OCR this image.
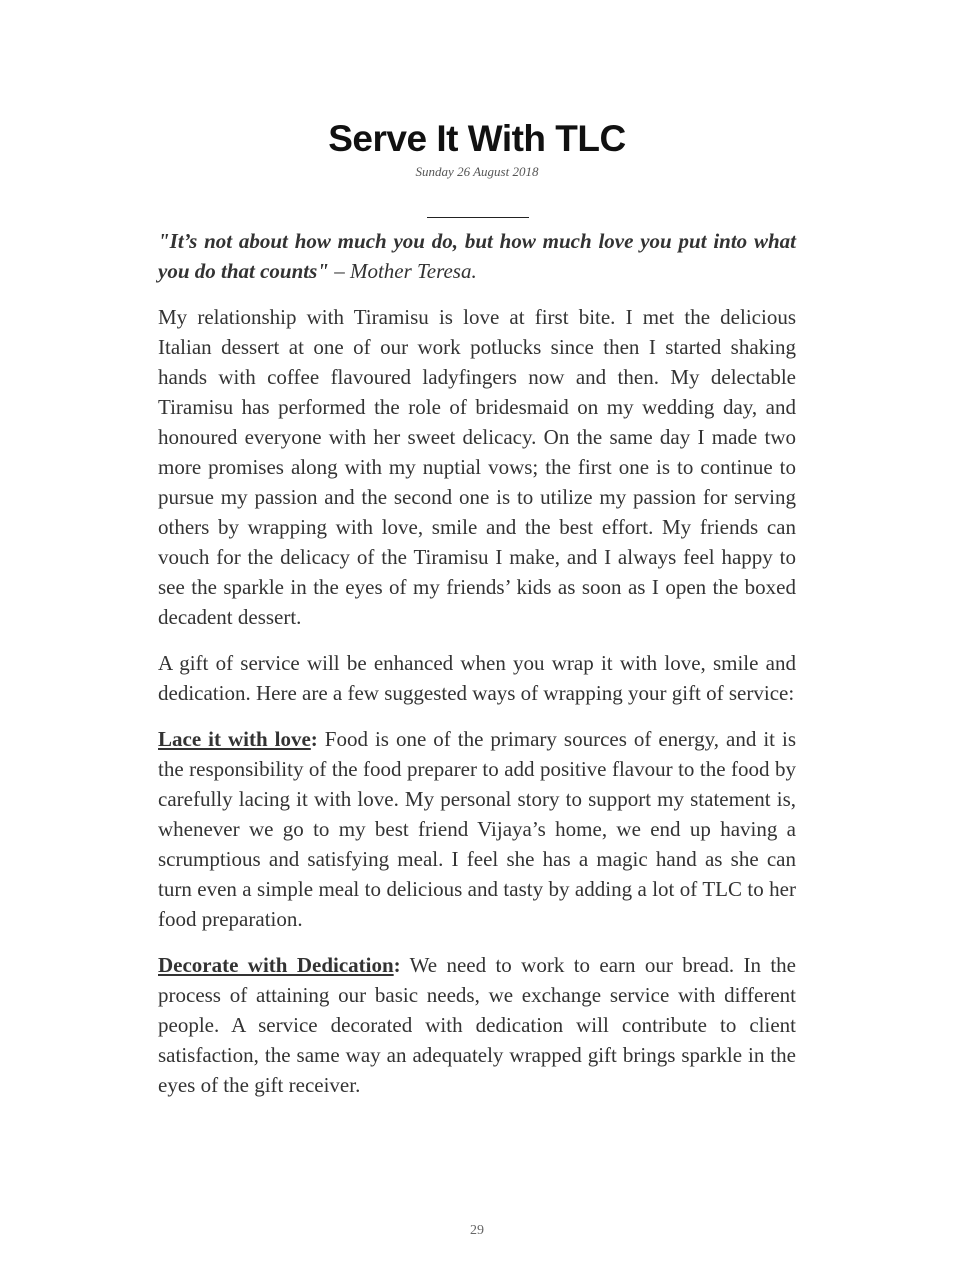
Serve It With TLC
Sunday 26 August 2018

"It’s not about how much you do, but how much love you put into what you do that counts" – Mother Teresa.

My relationship with Tiramisu is love at first bite. I met the delicious Italian dessert at one of our work potlucks since then I started shaking hands with coffee flavoured ladyfingers now and then. My delectable Tiramisu has performed the role of bridesmaid on my wedding day, and honoured everyone with her sweet delicacy. On the same day I made two more promises along with my nuptial vows; the first one is to continue to pursue my passion and the second one is to utilize my passion for serving others by wrapping with love, smile and the best effort. My friends can vouch for the delicacy of the Tiramisu I make, and I always feel happy to see the sparkle in the eyes of my friends’ kids as soon as I open the boxed decadent dessert.

A gift of service will be enhanced when you wrap it with love, smile and dedication. Here are a few suggested ways of wrapping your gift of service:

Lace it with love: Food is one of the primary sources of energy, and it is the responsibility of the food preparer to add positive flavour to the food by carefully lacing it with love. My personal story to support my statement is, whenever we go to my best friend Vijaya’s home, we end up having a scrumptious and satisfying meal. I feel she has a magic hand as she can turn even a simple meal to delicious and tasty by adding a lot of TLC to her food preparation.

Decorate with Dedication: We need to work to earn our bread. In the process of attaining our basic needs, we exchange service with different people. A service decorated with dedication will contribute to client satisfaction, the same way an adequately wrapped gift brings sparkle in the eyes of the gift receiver.

29
